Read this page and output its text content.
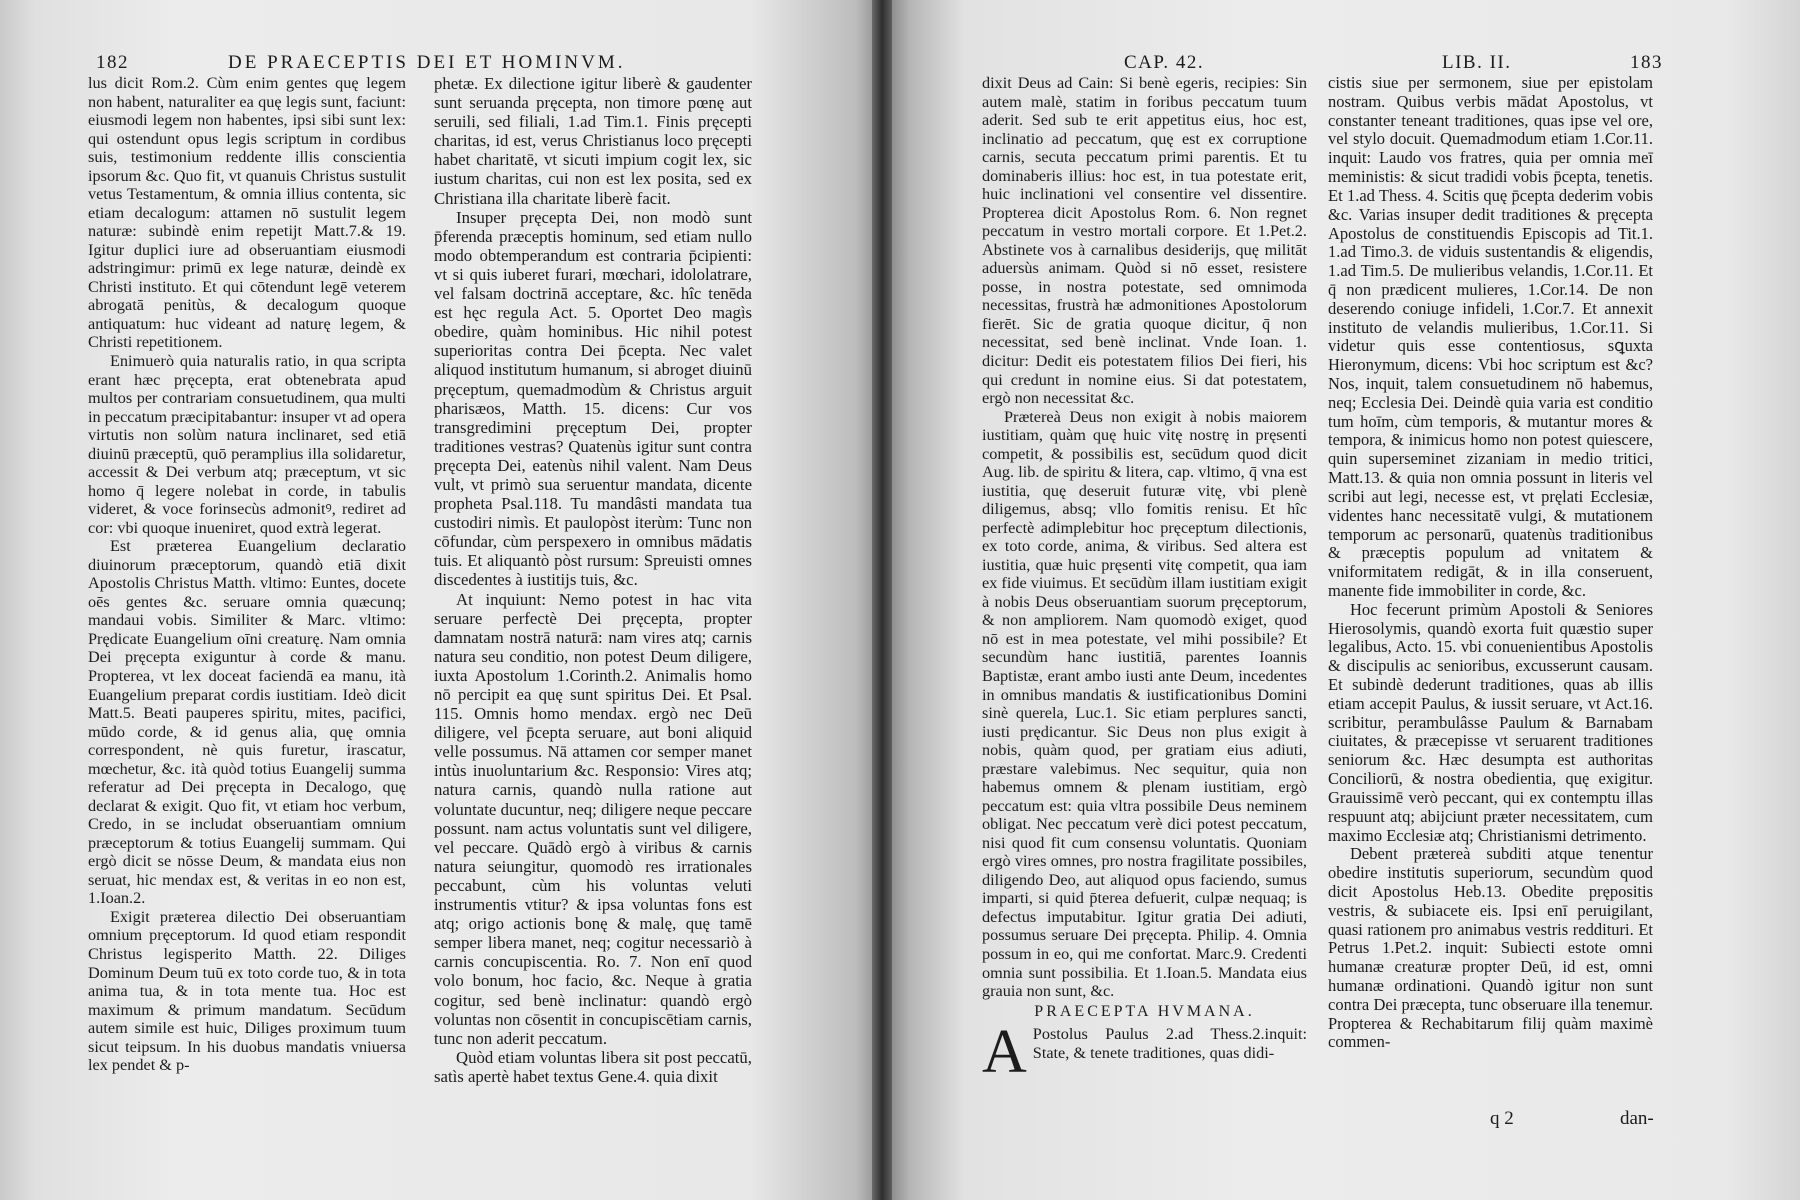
182	DE PRAECEPTIS DEI ET HOMINVM.

lus dicit Rom.2. Cùm enim gentes quę legem non habent, naturaliter ea quę legis sunt, faciunt: eiusmodi legem non habentes, ipsi sibi sunt lex: qui ostendunt opus legis scriptum in cordibus suis, testimonium reddente illis conscientia ipsorum &c. Quo fit, vt quanuis Christus sustulit vetus Testamentum, & omnia illius contenta, sic etiam decalogum: attamen nō sustulit legem naturæ: subindè enim repetijt Matt.7.& 19. Igitur duplici iure ad obseruantiam eiusmodi adstringimur: primū ex lege naturæ, deindè ex Christi instituto. Et qui cōtendunt legē veterem abrogatā penitùs, & decalogum quoque antiquatum: huc videant ad naturę legem, & Christi repetitionem.

Enimuerò quia naturalis ratio, in qua scripta erant hæc pręcepta, erat obtenebrata apud multos per contrariam consuetudinem, qua multi in peccatum præcipitabantur: insuper vt ad opera virtutis non solùm natura inclinaret, sed etiā diuinū præceptū, quō peramplius illa solidaretur, accessit & Dei verbum atq; præceptum, vt sic homo q̄ legere nolebat in corde, in tabulis videret, & voce forinsecùs admonitꝰ, rediret ad cor: vbi quoque inueniret, quod extrà legerat.

Est præterea Euangelium declaratio diuinorum præceptorum, quandò etiā dixit Apostolis Christus Matth. vltimo: Euntes, docete oēs gentes &c. seruare omnia quæcunq; mandaui vobis. Similiter & Marc. vltimo: Prędicate Euangelium oīni creaturę. Nam omnia Dei pręcepta exiguntur à corde & manu. Propterea, vt lex doceat faciendā ea manu, ità Euangelium preparat cordis iustitiam. Ideò dicit Matt.5. Beati pauperes spiritu, mites, pacifici, mūdo corde, & id genus alia, quę omnia correspondent, nè quis furetur, irascatur, mœchetur, &c. ità quòd totius Euangelij summa referatur ad Dei pręcepta in Decalogo, quę declarat & exigit. Quo fit, vt etiam hoc verbum, Credo, in se includat obseruantiam omnium præceptorum & totius Euangelij summam. Qui ergò dicit se nōsse Deum, & mandata eius non seruat, hic mendax est, & veritas in eo non est, 1.Ioan.2.

Exigit præterea dilectio Dei obseruantiam omnium pręceptorum. Id quod etiam respondit Christus legisperito Matth. 22. Diliges Dominum Deum tuū ex toto corde tuo, & in tota anima tua, & in tota mente tua. Hoc est maximum & primum mandatum. Secūdum autem simile est huic, Diliges proximum tuum sicut teipsum. In his duobus mandatis vniuersa lex pendet & p-

phetæ. Ex dilectione igitur liberè & gaudenter sunt seruanda pręcepta, non timore pœnę aut seruili, sed filiali, 1.ad Tim.1. Finis pręcepti charitas, id est, verus Christianus loco pręcepti habet charitatē, vt sicuti impium cogit lex, sic iustum charitas, cui non est lex posita, sed ex Christiana illa charitate liberè facit.

Insuper pręcepta Dei, non modò sunt p̄ferenda præceptis hominum, sed etiam nullo modo obtemperandum est contraria p̄cipienti: vt si quis iuberet furari, mœchari, idololatrare, vel falsam doctrinā acceptare, &c. hîc tenēda est hęc regula Act. 5. Oportet Deo magìs obedire, quàm hominibus. Hic nihil potest superioritas contra Dei p̄cepta. Nec valet aliquod institutum humanum, si abroget diuinū pręceptum, quemadmodùm & Christus arguit pharisæos, Matth. 15. dicens: Cur vos transgredimini pręceptum Dei, propter traditiones vestras? Quatenùs igitur sunt contra pręcepta Dei, eatenùs nihil valent. Nam Deus vult, vt primò sua seruentur mandata, dicente propheta Psal.118. Tu mandâsti mandata tua custodiri nimìs. Et paulopòst iterùm: Tunc non cōfundar, cùm perspexero in omnibus mādatis tuis. Et aliquantò pòst rursum: Spreuisti omnes discedentes à iustitijs tuis, &c.

At inquiunt: Nemo potest in hac vita seruare perfectè Dei pręcepta, propter damnatam nostrā naturā: nam vires atq; carnis natura seu conditio, non potest Deum diligere, iuxta Apostolum 1.Corinth.2. Animalis homo nō percipit ea quę sunt spiritus Dei. Et Psal. 115. Omnis homo mendax. ergò nec Deū diligere, vel p̄cepta seruare, aut boni aliquid velle possumus. Nā attamen cor semper manet intùs inuoluntarium &c. Responsio: Vires atq; natura carnis, quandò nulla ratione aut voluntate ducuntur, neq; diligere neque peccare possunt. nam actus voluntatis sunt vel diligere, vel peccare. Quādò ergò à viribus & carnis natura seiungitur, quomodò res irrationales peccabunt, cùm his voluntas veluti instrumentis vtitur? & ipsa voluntas fons est atq; origo actionis bonę & malę, quę tamē semper libera manet, neq; cogitur necessariò à carnis concupiscentia. Ro. 7. Non enī quod volo bonum, hoc facio, &c. Neque à gratia cogitur, sed benè inclinatur: quandò ergò voluntas non cōsentit in concupiscētiam carnis, tunc non aderit peccatum.

Quòd etiam voluntas libera sit post peccatū, satìs apertè habet textus Gene.4. quia dixit

CAP. 42.	LIB. II.	183

dixit Deus ad Cain: Si benè egeris, recipies: Sin autem malè, statim in foribus peccatum tuum aderit. Sed sub te erit appetitus eius, hoc est, inclinatio ad peccatum, quę est ex corruptione carnis, secuta peccatum primi parentis. Et tu dominaberis illius: hoc est, in tua potestate erit, huic inclinationi vel consentire vel dissentire. Propterea dicit Apostolus Rom. 6. Non regnet peccatum in vestro mortali corpore. Et 1.Pet.2. Abstinete vos à carnalibus desiderijs, quę militāt aduersùs animam. Quòd si nō esset, resistere posse, in nostra potestate, sed omnimoda necessitas, frustrà hæ admonitiones Apostolorum fierēt. Sic de gratia quoque dicitur, q̄ non necessitat, sed benè inclinat. Vnde Ioan. 1. dicitur: Dedit eis potestatem filios Dei fieri, his qui credunt in nomine eius. Si dat potestatem, ergò non necessitat &c.

Prætereà Deus non exigit à nobis maiorem iustitiam, quàm quę huic vitę nostrę in pręsenti competit, & possibilis est, secūdum quod dicit Aug. lib. de spiritu & litera, cap. vltimo, q̄ vna est iustitia, quę deseruit futuræ vitę, vbi plenè diligemus, absq; vllo fomitis renisu. Et hîc perfectè adimplebitur hoc pręceptum dilectionis, ex toto corde, anima, & viribus. Sed altera est iustitia, quæ huic pręsenti vitę competit, qua iam ex fide viuimus. Et secūdùm illam iustitiam exigit à nobis Deus obseruantiam suorum pręceptorum, & non ampliorem. Nam quomodò exiget, quod nō est in mea potestate, vel mihi possibile? Et secundùm hanc iustitiā, parentes Ioannis Baptistæ, erant ambo iusti ante Deum, incedentes in omnibus mandatis & iustificationibus Domini sinè querela, Luc.1. Sic etiam perplures sancti, iusti prędicantur. Sic Deus non plus exigit à nobis, quàm quod, per gratiam eius adiuti, præstare valebimus. Nec sequitur, quia non habemus omnem & plenam iustitiam, ergò peccatum est: quia vltra possibile Deus neminem obligat. Nec peccatum verè dici potest peccatum, nisi quod fit cum consensu voluntatis. Quoniam ergò vires omnes, pro nostra fragilitate possibiles, diligendo Deo, aut aliquod opus faciendo, sumus imparti, si quid p̄terea defuerit, culpæ nequaq; is defectus imputabitur. Igitur gratia Dei adiuti, possumus seruare Dei pręcepta. Philip. 4. Omnia possum in eo, qui me confortat. Marc.9. Credenti omnia sunt possibilia. Et 1.Ioan.5. Mandata eius grauia non sunt, &c.

PRAECEPTA HVMANA.

A Postolus Paulus 2.ad Thess.2.inquit: State, & tenete traditiones, quas didi-

cistis siue per sermonem, siue per epistolam nostram. Quibus verbis mādat Apostolus, vt constanter teneant traditiones, quas ipse vel ore, vel stylo docuit. Quemadmodum etiam 1.Cor.11. inquit: Laudo vos fratres, quia per omnia meī meministis: & sicut tradidi vobis p̄cepta, tenetis. Et 1.ad Thess. 4. Scitis quę p̄cepta dederim vobis &c. Varias insuper dedit traditiones & pręcepta Apostolus de constituendis Episcopis ad Tit.1. 1.ad Timo.3. de viduis sustentandis & eligendis, 1.ad Tim.5. De mulieribus velandis, 1.Cor.11. Et q̄ non prædicent mulieres, 1.Cor.14. De non deserendo coniuge infideli, 1.Cor.7. Et annexit instituto de velandis mulieribus, 1.Cor.11. Si videtur quis esse contentiosus, sꝗuxta Hieronymum, dicens: Vbi hoc scriptum est &c? Nos, inquit, talem consuetudinem nō habemus, neq; Ecclesia Dei. Deindè quia varia est conditio tum hoīm, cùm temporis, & mutantur mores & tempora, & inimicus homo non potest quiescere, quin superseminet zizaniam in medio tritici, Matt.13. & quia non omnia possunt in literis vel scribi aut legi, necesse est, vt pręlati Ecclesiæ, videntes hanc necessitatē vulgi, & mutationem temporum ac personarū, quatenùs traditionibus & præceptis populum ad vnitatem & vniformitatem redigāt, & in illa conseruent, manente fide immobiliter in corde, &c.

Hoc fecerunt primùm Apostoli & Seniores Hierosolymis, quandò exorta fuit quæstio super legalibus, Acto. 15. vbi conuenientibus Apostolis & discipulis ac senioribus, excusserunt causam. Et subindè dederunt traditiones, quas ab illis etiam accepit Paulus, & iussit seruare, vt Act.16. scribitur, perambulâsse Paulum & Barnabam ciuitates, & præcepisse vt seruarent traditiones seniorum &c. Hæc desumpta est authoritas Conciliorū, & nostra obedientia, quę exigitur. Grauissimē verò peccant, qui ex contemptu illas respuunt atq; abijciunt præter necessitatem, cum maximo Ecclesiæ atq; Christianismi detrimento.

Debent prætereà subditi atque tenentur obedire institutis superiorum, secundùm quod dicit Apostolus Heb.13. Obedite prępositis vestris, & subiacete eis. Ipsi enī peruigilant, quasi rationem pro animabus vestris reddituri. Et Petrus 1.Pet.2. inquit: Subiecti estote omni humanæ creaturæ propter Deū, id est, omni humanæ ordinationi. Quandò igitur non sunt contra Dei præcepta, tunc obseruare illa tenemur. Propterea & Rechabitarum filij quàm maximè commen-

q 2	dan-
